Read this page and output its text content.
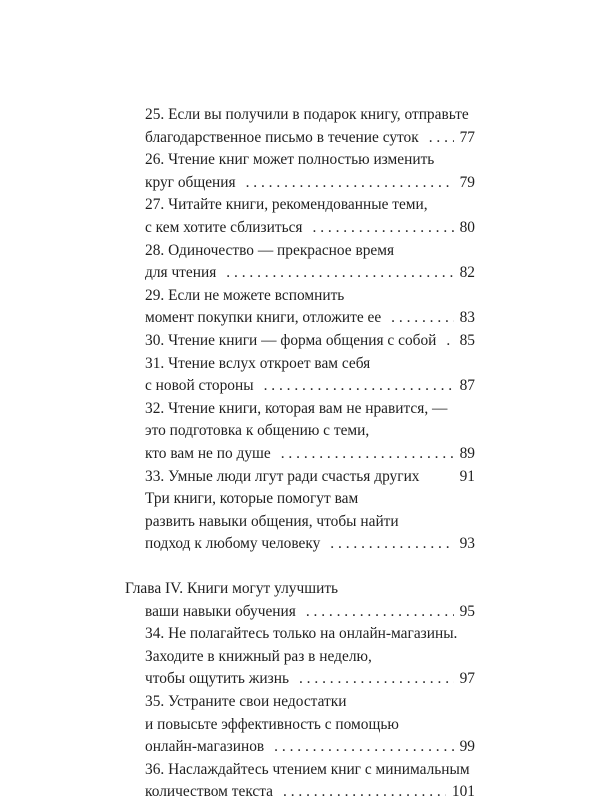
25. Если вы получили в подарок книгу, отправьте
благодарственное письмо в течение суток . . .	77
26. Чтение книг может полностью изменить
круг общения . . .	79
27. Читайте книги, рекомендованные теми,
с кем хотите сблизиться . . .	80
28. Одиночество — прекрасное время
для чтения . . .	82
29. Если не можете вспомнить
момент покупки книги, отложите ее . . .	83
30. Чтение книги — форма общения с собой . . . 85
31. Чтение вслух откроет вам себя
с новой стороны . . .	87
32. Чтение книги, которая вам не нравится, —
это подготовка к общению с теми,
кто вам не по душе . . .	89
33. Умные люди лгут ради счастья других	91
Три книги, которые помогут вам
развить навыки общения, чтобы найти
подход к любому человеку . . .	93
Глава IV. Книги могут улучшить
ваши навыки обучения . . .	95
34. Не полагайтесь только на онлайн-магазины.
Заходите в книжный раз в неделю,
чтобы ощутить жизнь . . .	97
35. Устраните свои недостатки
и повысьте эффективность с помощью
онлайн-магазинов . . .	99
36. Наслаждайтесь чтением книг с минимальным
количеством текста . . .	101
